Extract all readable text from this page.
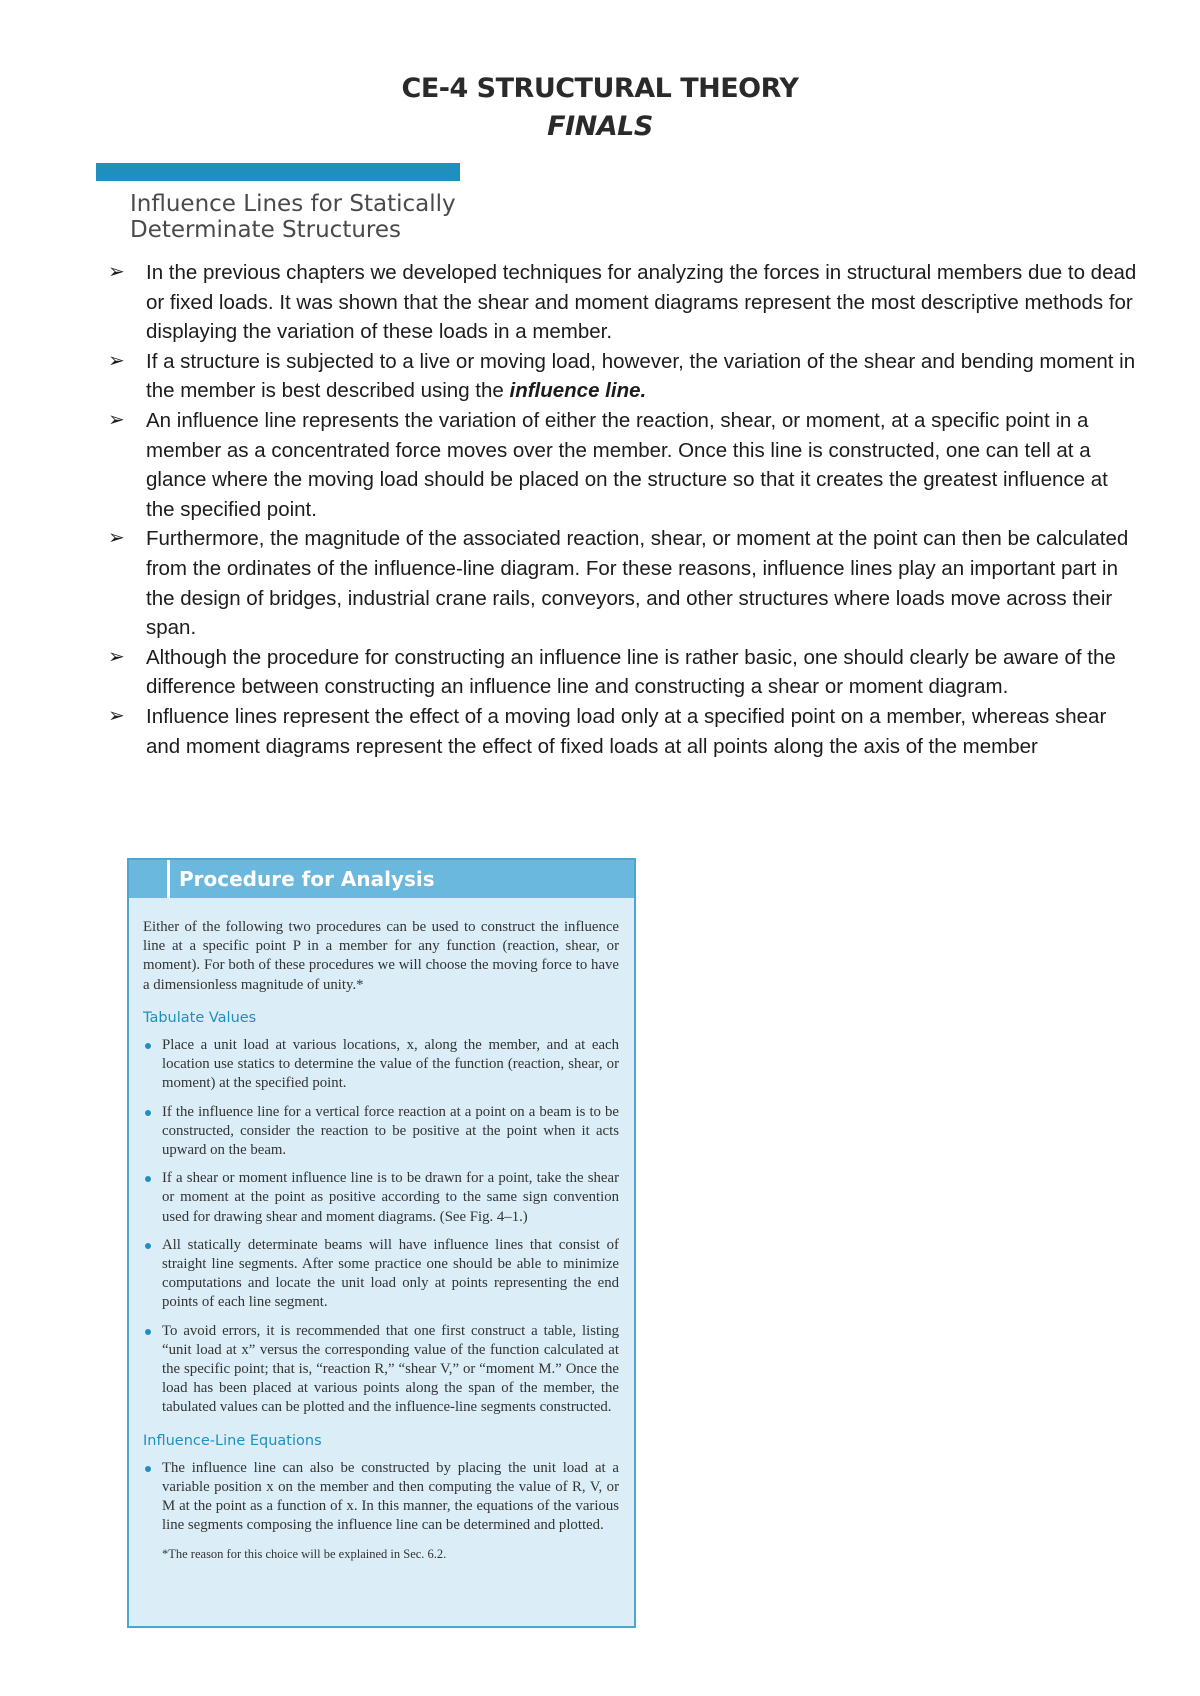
CE-4 STRUCTURAL THEORY
FINALS
Influence Lines for Statically
Determinate Structures
➢ In the previous chapters we developed techniques for analyzing the forces in structural members due to dead or fixed loads. It was shown that the shear and moment diagrams represent the most descriptive methods for displaying the variation of these loads in a member.
➢ If a structure is subjected to a live or moving load, however, the variation of the shear and bending moment in the member is best described using the influence line.
➢ An influence line represents the variation of either the reaction, shear, or moment, at a specific point in a member as a concentrated force moves over the member. Once this line is constructed, one can tell at a glance where the moving load should be placed on the structure so that it creates the greatest influence at the specified point.
➢ Furthermore, the magnitude of the associated reaction, shear, or moment at the point can then be calculated from the ordinates of the influence-line diagram. For these reasons, influence lines play an important part in the design of bridges, industrial crane rails, conveyors, and other structures where loads move across their span.
➢ Although the procedure for constructing an influence line is rather basic, one should clearly be aware of the difference between constructing an influence line and constructing a shear or moment diagram.
➢ Influence lines represent the effect of a moving load only at a specified point on a member, whereas shear and moment diagrams represent the effect of fixed loads at all points along the axis of the member
Procedure for Analysis

Either of the following two procedures can be used to construct the influence line at a specific point P in a member for any function (reaction, shear, or moment). For both of these procedures we will choose the moving force to have a dimensionless magnitude of unity.*

Tabulate Values
Place a unit load at various locations, x, along the member, and at each location use statics to determine the value of the function (reaction, shear, or moment) at the specified point.
If the influence line for a vertical force reaction at a point on a beam is to be constructed, consider the reaction to be positive at the point when it acts upward on the beam.
If a shear or moment influence line is to be drawn for a point, take the shear or moment at the point as positive according to the same sign convention used for drawing shear and moment diagrams. (See Fig. 4–1.)
All statically determinate beams will have influence lines that consist of straight line segments. After some practice one should be able to minimize computations and locate the unit load only at points representing the end points of each line segment.
To avoid errors, it is recommended that one first construct a table, listing “unit load at x” versus the corresponding value of the function calculated at the specific point; that is, “reaction R,” “shear V,” or “moment M.” Once the load has been placed at various points along the span of the member, the tabulated values can be plotted and the influence-line segments constructed.
Influence-Line Equations
The influence line can also be constructed by placing the unit load at a variable position x on the member and then computing the value of R, V, or M at the point as a function of x. In this manner, the equations of the various line segments composing the influence line can be determined and plotted.
*The reason for this choice will be explained in Sec. 6.2.
